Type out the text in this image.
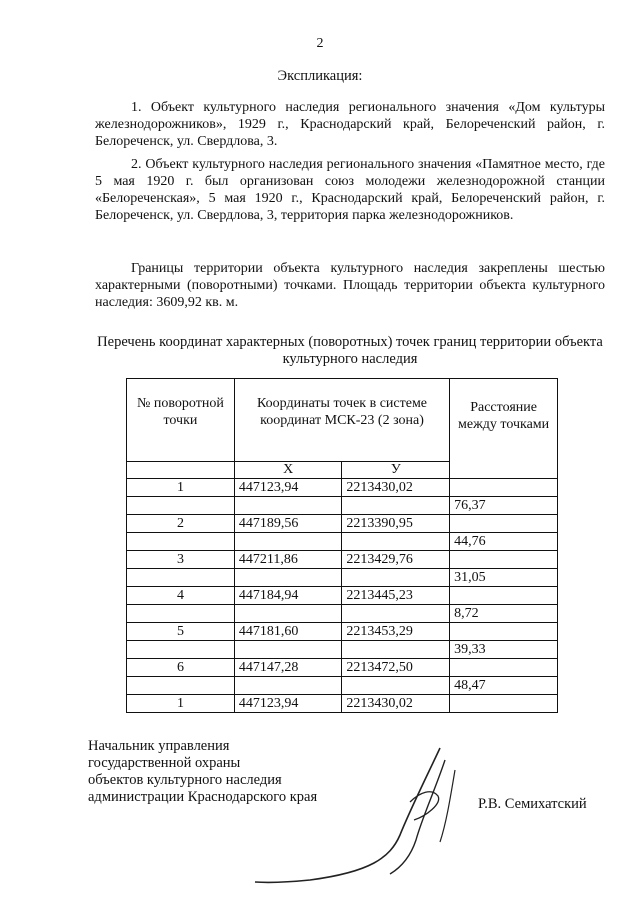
2
Экспликация:
1. Объект культурного наследия регионального значения «Дом культуры железнодорожников», 1929 г., Краснодарский край, Белореченский район, г. Белореченск, ул. Свердлова, 3.
2. Объект культурного наследия регионального значения «Памятное место, где 5 мая 1920 г. был организован союз молодежи железнодорожной станции «Белореченская», 5 мая 1920 г., Краснодарский край, Белореченский район, г. Белореченск, ул. Свердлова, 3, территория парка железнодорожников.
Границы территории объекта культурного наследия закреплены шестью характерными (поворотными) точками. Площадь территории объекта культурного наследия: 3609,92 кв. м.
Перечень координат характерных (поворотных) точек границ территории объекта культурного наследия
№ поворотной точки	Координаты точек в системе координат МСК-23 (2 зона)		Расстояние между точками

	X	У	
1	447123,94	2213430,02	
			76,37
2	447189,56	2213390,95	
			44,76
3	447211,86	2213429,76	
			31,05
4	447184,94	2213445,23	
			8,72
5	447181,60	2213453,29	
			39,33
6	447147,28	2213472,50	
			48,47
1	447123,94	2213430,02	
Начальник управления
государственной охраны
объектов культурного наследия
администрации Краснодарского края	Р.В. Семихатский
